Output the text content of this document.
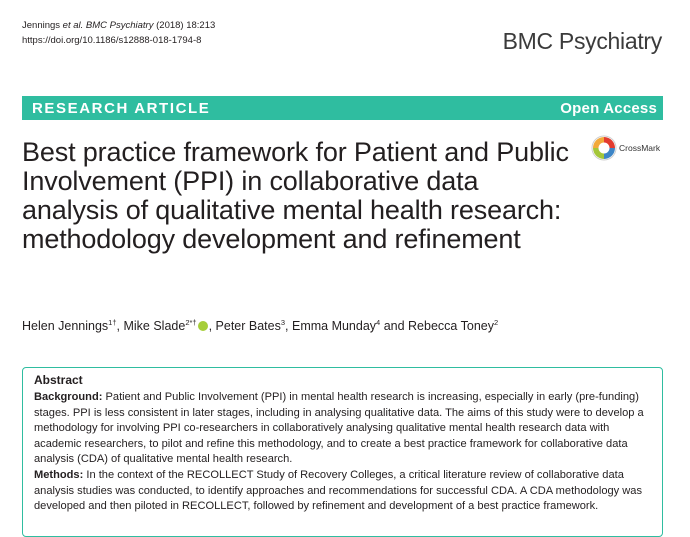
Jennings et al. BMC Psychiatry (2018) 18:213
https://doi.org/10.1186/s12888-018-1794-8	BMC Psychiatry
RESEARCH ARTICLE	Open Access
CrossMark
Best practice framework for Patient and Public Involvement (PPI) in collaborative data analysis of qualitative mental health research: methodology development and refinement
Helen Jennings$^{1\dagger}$, Mike Slade$^{2*\dagger}$ , Peter Bates$^3$, Emma Munday$^4$ and Rebecca Toney$^2$
Abstract

Background: Patient and Public Involvement (PPI) in mental health research is increasing, especially in early (pre-funding) stages. PPI is less consistent in later stages, including in analysing qualitative data. The aims of this study were to develop a methodology for involving PPI co-researchers in collaboratively analysing qualitative mental health research data with academic researchers, to pilot and refine this methodology, and to create a best practice framework for collaborative data analysis (CDA) of qualitative mental health research.

Methods: In the context of the RECOLLECT Study of Recovery Colleges, a critical literature review of collaborative data analysis studies was conducted, to identify approaches and recommendations for successful CDA. A CDA methodology was developed and then piloted in RECOLLECT, followed by refinement and development of a best practice framework.
